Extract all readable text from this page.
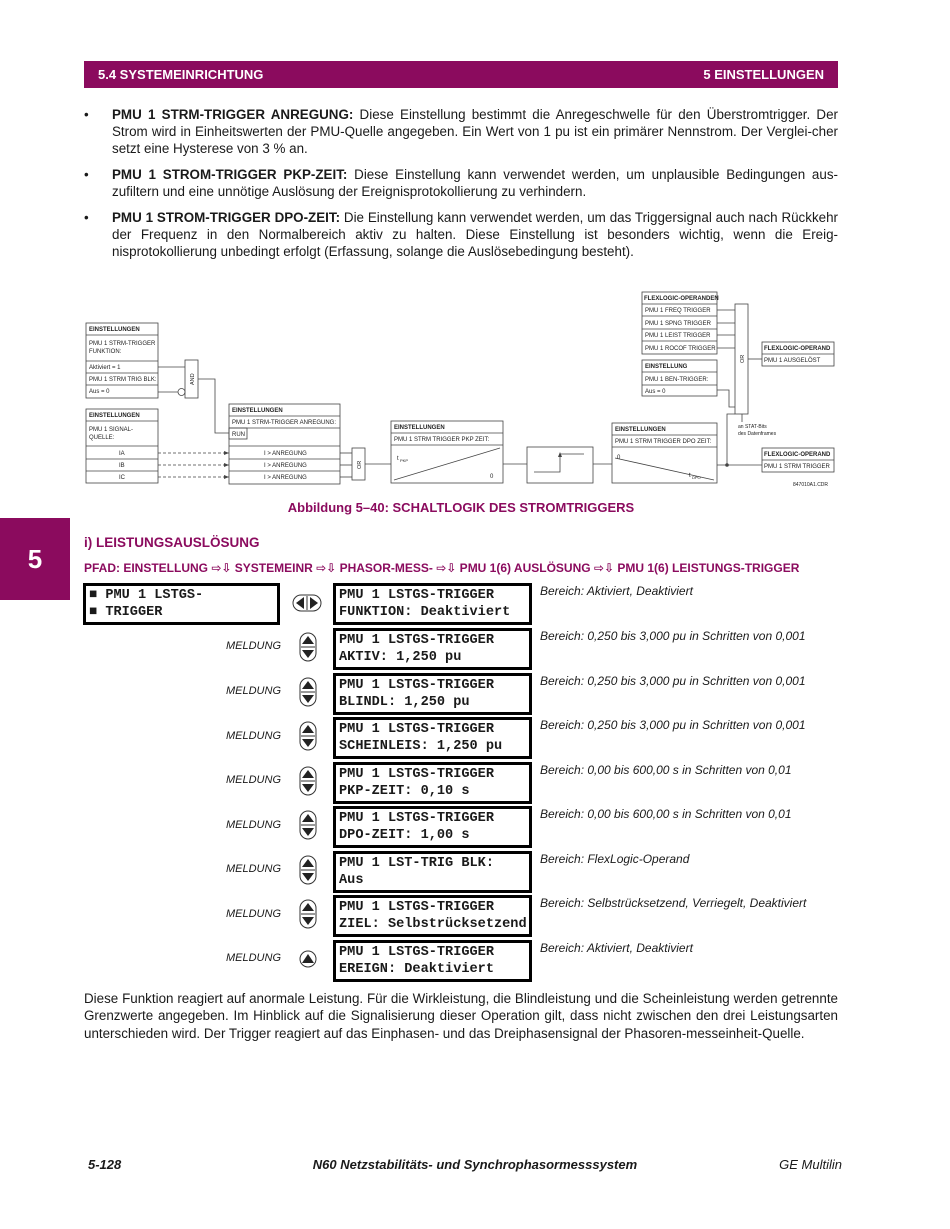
5.4 SYSTEMEINRICHTUNG	5 EINSTELLUNGEN
•	PMU 1 STRM-TRIGGER ANREGUNG: Diese Einstellung bestimmt die Anregeschwelle für den Überstromtrigger. Der Strom wird in Einheitswerten der PMU-Quelle angegeben. Ein Wert von 1 pu ist ein primärer Nennstrom. Der Verglei-cher setzt eine Hysterese von 3 % an.
•	PMU 1 STROM-TRIGGER PKP-ZEIT: Diese Einstellung kann verwendet werden, um unplausible Bedingungen aus-zufiltern und eine unnötige Auslösung der Ereignisprotokollierung zu verhindern.
•	PMU 1 STROM-TRIGGER DPO-ZEIT: Die Einstellung kann verwendet werden, um das Triggersignal auch nach Rückkehr der Frequenz in den Normalbereich aktiv zu halten. Diese Einstellung ist besonders wichtig, wenn die Ereig-nisprotokollierung unbedingt erfolgt (Erfassung, solange die Auslösebedingung besteht).
EINSTELLUNGEN
PMU 1 STRM-TRIGGER
FUNKTION:
Aktiviert = 1
PMU 1 STRM TRIG BLK:
Aus = 0
EINSTELLUNGEN
PMU 1 SIGNAL-
QUELLE:
IA
IB
IC
AND
OR
OR
EINSTELLUNGEN
PMU 1 STRM-TRIGGER ANREGUNG:
RUN
I > ANREGUNG
I > ANREGUNG
I > ANREGUNG
EINSTELLUNGEN
PMU 1 STRM TRIGGER PKP ZEIT:
t PKP
0
EINSTELLUNGEN
PMU 1 STRM TRIGGER DPO ZEIT:
0
t DPO
FLEXLOGIC-OPERANDEN
PMU 1 FREQ TRIGGER
PMU 1 SPNG TRIGGER
PMU 1 LEIST TRIGGER
PMU 1 ROCOF TRIGGER
EINSTELLUNG
PMU 1 BEN-TRIGGER:
Aus = 0
FLEXLOGIC-OPERAND
PMU 1 AUSGELÖST
FLEXLOGIC-OPERAND
PMU 1 STRM TRIGGER
an STAT-Bits
des Datenframes
847010A1.CDR
Abbildung 5–40: SCHALTLOGIK DES STROMTRIGGERS
5
i) LEISTUNGSAUSLÖSUNG
PFAD: EINSTELLUNG ⇨⇩ SYSTEMEINR ⇨⇩ PHASOR-MESS- ⇨⇩ PMU 1(6) AUSLÖSUNG ⇨⇩ PMU 1(6) LEISTUNGS-TRIGGER
■ PMU 1 LSTGS-
■ TRIGGER
PMU 1 LSTGS-TRIGGER
FUNKTION: Deaktiviert
Bereich: Aktiviert, Deaktiviert
MELDUNG	PMU 1 LSTGS-TRIGGER
AKTIV: 1,250 pu
Bereich: 0,250 bis 3,000 pu in Schritten von 0,001
MELDUNG	PMU 1 LSTGS-TRIGGER
BLINDL: 1,250 pu
Bereich: 0,250 bis 3,000 pu in Schritten von 0,001
MELDUNG	PMU 1 LSTGS-TRIGGER
SCHEINLEIS: 1,250 pu
Bereich: 0,250 bis 3,000 pu in Schritten von 0,001
MELDUNG	PMU 1 LSTGS-TRIGGER
PKP-ZEIT: 0,10 s
Bereich: 0,00 bis 600,00 s in Schritten von 0,01
MELDUNG	PMU 1 LSTGS-TRIGGER
DPO-ZEIT: 1,00 s
Bereich: 0,00 bis 600,00 s in Schritten von 0,01
MELDUNG	PMU 1 LST-TRIG BLK:
Aus
Bereich: FlexLogic-Operand
MELDUNG	PMU 1 LSTGS-TRIGGER
ZIEL: Selbstrücksetzend
Bereich: Selbstrücksetzend, Verriegelt, Deaktiviert
MELDUNG	PMU 1 LSTGS-TRIGGER
EREIGN: Deaktiviert
Bereich: Aktiviert, Deaktiviert
Diese Funktion reagiert auf anormale Leistung. Für die Wirkleistung, die Blindleistung und die Scheinleistung werden getrennte Grenzwerte angegeben. Im Hinblick auf die Signalisierung dieser Operation gilt, dass nicht zwischen den drei Leistungsarten unterschieden wird. Der Trigger reagiert auf das Einphasen- und das Dreiphasensignal der Phasoren-messeinheit-Quelle.
5-128	N60 Netzstabilitäts- und Synchrophasormesssystem	GE Multilin
